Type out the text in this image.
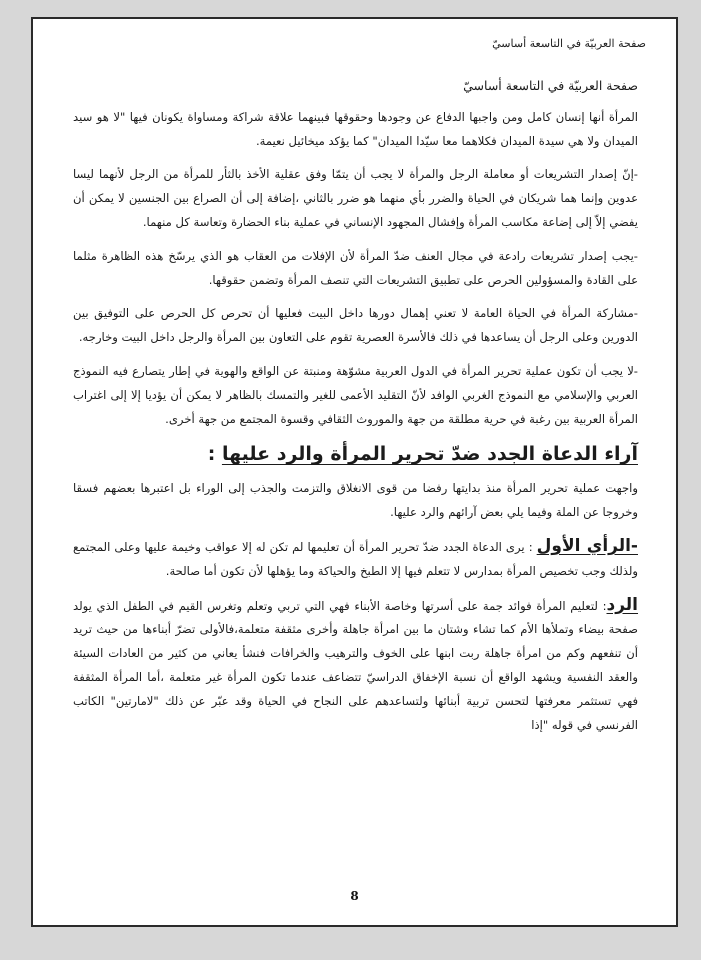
صفحة العربيّة في التاسعة أساسيّ

صفحة العربيّة في التاسعة أساسيّ

المرأة أنها إنسان كامل ومن واجبها الدفاع عن وجودها وحقوقها فبينهما علاقة شراكة ومساواة يكونان فيها "لا هو سيد الميدان ولا هي سيدة الميدان فكلاهما معا سيّدا الميدان" كما يؤكد ميخائيل نعيمة.

-إنّ إصدار التشريعات أو معاملة الرجل والمرأة لا يجب أن يتمّا وفق عقلية الأخذ بالثأر للمرأة من الرجل لأنهما ليسا عدوين وإنما هما شريكان في الحياة والضرر بأي منهما هو ضرر بالثاني ،إضافة إلى أن الصراع بين الجنسين لا يمكن أن يفضي إلاّ إلى إضاعة مكاسب المرأة وإفشال المجهود الإنساني في عملية بناء الحضارة وتعاسة كل منهما.

-يجب إصدار تشريعات رادعة في مجال العنف ضدّ المرأة لأن الإفلات من العقاب هو الذي يرسّخ هذه الظاهرة مثلما على القادة والمسؤولين الحرص على تطبيق التشريعات التي تنصف المرأة وتضمن حقوقها.

-مشاركة المرأة في الحياة العامة لا تعني إهمال دورها داخل البيت فعليها أن تحرص كل الحرص على التوفيق بين الدورين وعلى الرجل أن يساعدها في ذلك فالأسرة العصرية تقوم على التعاون بين المرأة والرجل داخل البيت وخارجه.

-لا يجب أن تكون عملية تحرير المرأة في الدول العربية مشوّهة ومنبتة عن الواقع والهوية في إطار يتصارع فيه النموذج العربي والإسلامي مع النموذج الغربي الوافد لأنّ التقليد الأعمى للغير والتمسك بالظاهر لا يمكن أن يؤديا إلا إلى اغتراب المرأة العربية بين رغبة في حرية مطلقة من جهة والموروث الثقافي وقسوة المجتمع من جهة أخرى.

آراء الدعاة الجدد ضدّ تحرير المرأة والرد عليها :

واجهت عملية تحرير المرأة منذ بدايتها رفضا من قوى الانغلاق والتزمت والجذب إلى الوراء بل اعتبرها بعضهم فسقا وخروجا عن الملة وفيما يلي بعض آرائهم والرد عليها.

-الرأي الأول : يرى الدعاة الجدد ضدّ تحرير المرأة أن تعليمها لم تكن له إلا عواقب وخيمة عليها وعلى المجتمع ولذلك وجب تخصيص المرأة بمدارس لا تتعلم فيها إلا الطبخ والحياكة وما يؤهلها لأن تكون أما صالحة.

الرد: لتعليم المرأة فوائد جمة على أسرتها وخاصة الأبناء فهي التي تربي وتعلم وتغرس القيم في الطفل الذي يولد صفحة بيضاء وتملأها الأم كما تشاء وشتان ما بين امرأة جاهلة وأخرى مثقفة متعلمة،فالأولى تضرّ أبناءها من حيث تريد أن تنفعهم وكم من امرأة جاهلة ربت ابنها على الخوف والترهيب والخرافات فنشأ يعاني من كثير من العادات السيئة والعقد النفسية ويشهد الواقع أن نسبة الإخفاق الدراسيّ تتضاعف عندما تكون المرأة غير متعلمة ،أما المرأة المثقفة فهي تستثمر معرفتها لتحسن تربية أبنائها ولتساعدهم على النجاح في الحياة وقد عبّر عن ذلك "لامارتين" الكاتب الفرنسي في قوله "إذا

8
